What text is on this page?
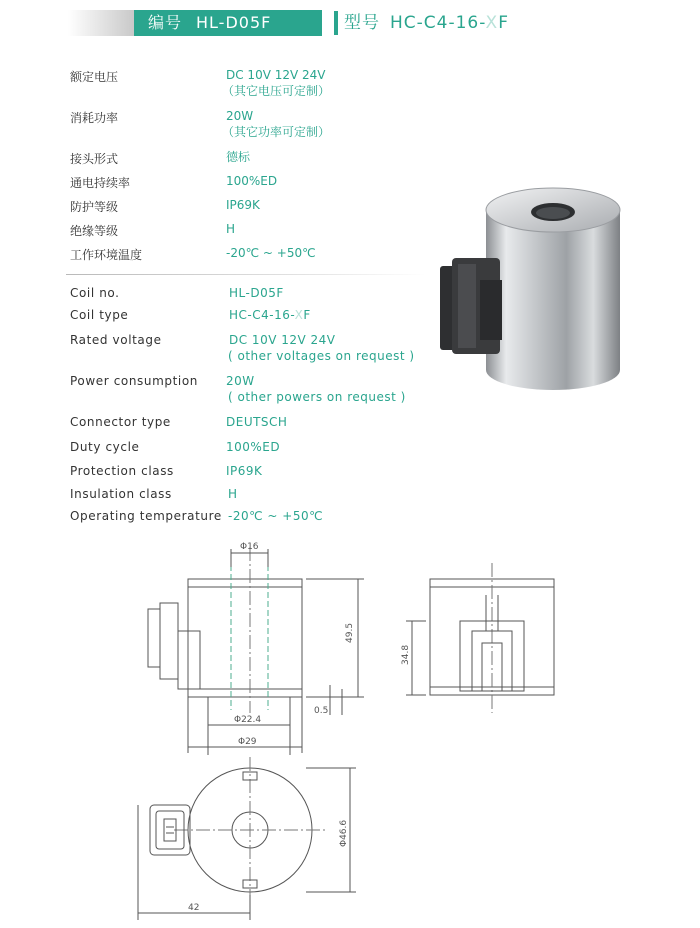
编号 HL-D05F	型号 HC-C4-16-XF
额定电压	DC 10V 12V 24V
（其它电压可定制）
消耗功率	20W
（其它功率可定制）
接头形式	德标
通电持续率	100%ED
防护等级	IP69K
绝缘等级	H
工作环境温度	-20℃ ~ +50℃
Coil no.	HL-D05F
Coil type	HC-C4-16-XF
Rated voltage	DC 10V 12V 24V
( other voltages on request )
Power consumption 20W
( other powers on request )
Connector type	DEUTSCH
Duty cycle	100%ED
Protection class	IP69K
Insulation class	H
Operating temperature -20℃ ~ +50℃
Φ16
49.5
0.5
Φ22.4
Φ29
34.8
Φ46.6
42
